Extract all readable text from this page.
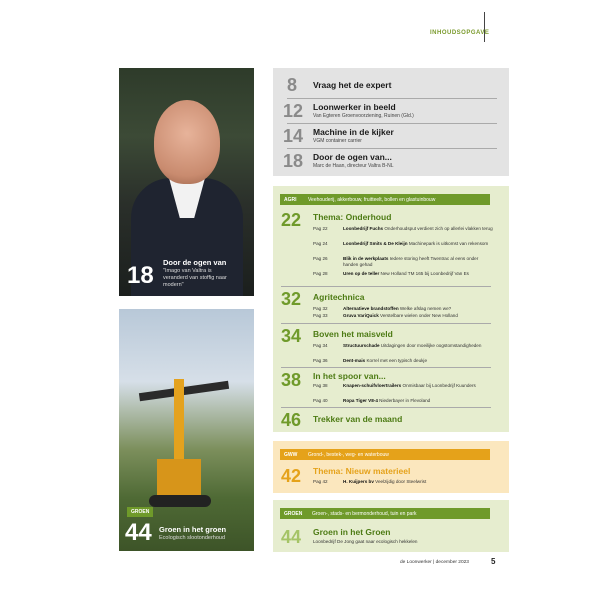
INHOUDSOPGAVE
18 Door de ogen van
"Imago van Valtra is veranderd van stoffig naar modern"
GROEN
44 Groen in het groen
Ecologisch slootonderhoud
8 Vraag het de expert
12 Loonwerker in beeld
Van Egteren Groenvoorziening, Ruinen (Gld.)
14 Machine in de kijker
VGM container carrier
18 Door de ogen van...
Marc de Haan, directeur Valtra B-NL
AGRI	Veehouderij, akkerbouw, fruitteelt, bollen en glastuinbouw
22 Thema: Onderhoud
Pag 22	Loonbedrijf Fuchs Onderhoudsput verdient zich op allerlei vlakken terug
Pag 24	Loonbedrijf Smits & De Kleijn Machinepark is uitkomst van rekensom
Pag 26	Blik in de werkplaats Iedere storing heeft Twentrac al eens onder handen gehad
Pag 28	Uren op de teller New Holland TM 165 bij Loonbedrijf Van Es
32 Agritechnica
Pag 32	Alternatieve brandstoffen Welke afslag nemen we?
Pag 33	Gruva VariQuick Verstelbare wielen onder New Holland
34 Boven het maisveld
Pag 34	Structuurschade Uitdagingen door moeilijke oogstomstandigheden
Pag 36	Dent-mais Korrel met een typisch deukje
38 In het spoor van...
Pag 38	Knapen-schuifvloertrailers Onmisbaar bij Loonbedrijf Kuunders
Pag 40	Ropa Tiger V8-4 Niederbayer in Flevoland
46 Trekker van de maand
GWW	Grond-, bestek-, weg- en waterbouw
42 Thema: Nieuw materieel
Pag 42	H. Kuijpers bv Veelzijdig door Steelwrist
GROEN	Groen-, stads- en bermonderhoud, tuin en park
44 Groen in het Groen
Loonbedrijf De Jong gaat naar ecologisch hekkelen
de Loonwerker | december 2023	5
